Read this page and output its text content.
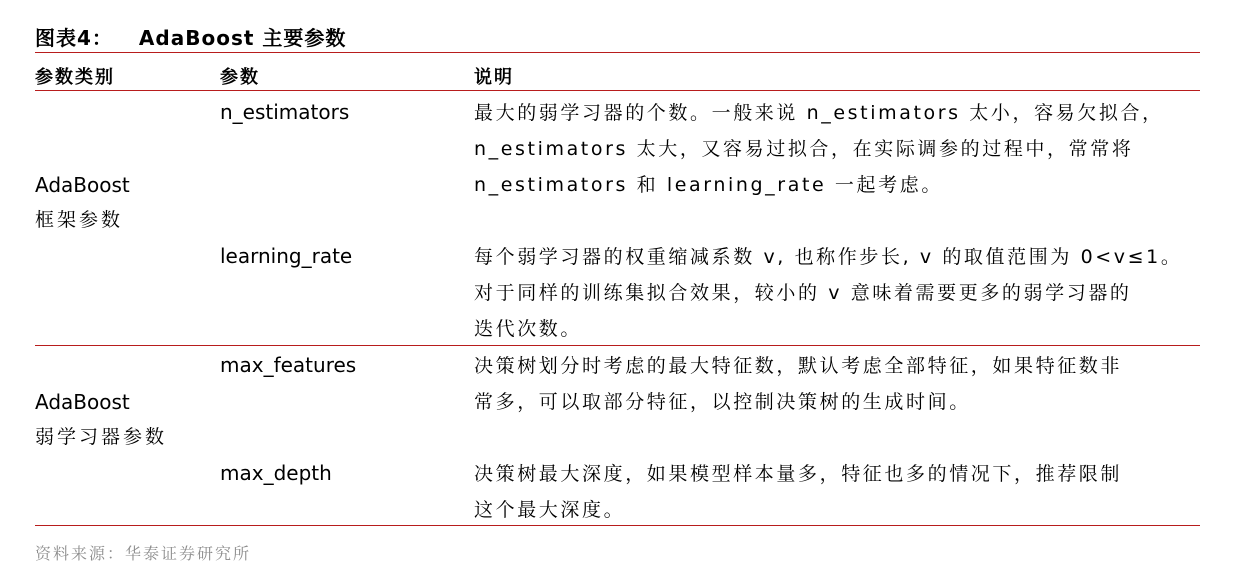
图表4： AdaBoost 主要参数
参数类别	参数	说明
AdaBoost
框架参数
n_estimators	最大的弱学习器的个数。一般来说 n_estimators 太小，容易欠拟合，
n_estimators 太大，又容易过拟合，在实际调参的过程中，常常将
n_estimators 和 learning_rate 一起考虑。
learning_rate	每个弱学习器的权重缩减系数 v, 也称作步长, v 的取值范围为 0<v≤1。
对于同样的训练集拟合效果，较小的 v 意味着需要更多的弱学习器的
迭代次数。
AdaBoost
弱学习器参数
max_features	决策树划分时考虑的最大特征数，默认考虑全部特征，如果特征数非
常多，可以取部分特征，以控制决策树的生成时间。
max_depth	决策树最大深度，如果模型样本量多，特征也多的情况下，推荐限制
这个最大深度。
资料来源：华泰证券研究所
